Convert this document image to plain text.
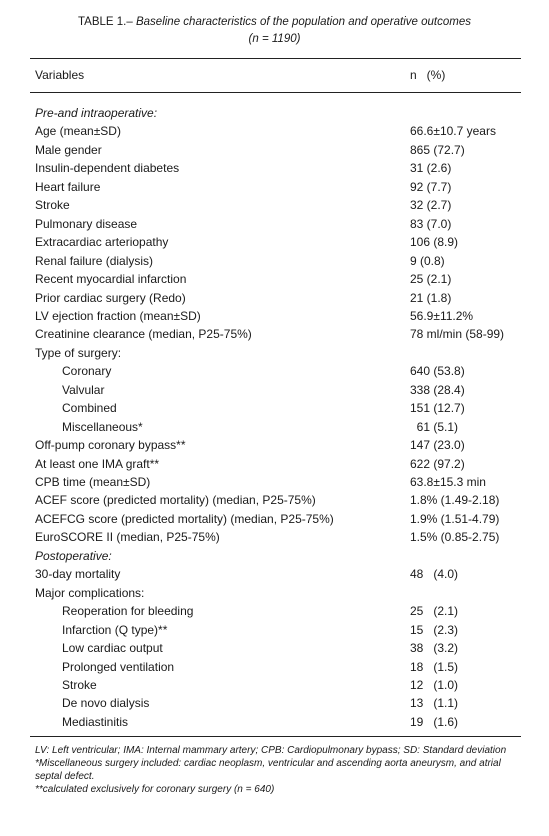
TABLE 1.– Baseline characteristics of the population and operative outcomes
(n = 1190)
Variables	n   (%)
Pre-and intraoperative:
Age (mean±SD)	66.6±10.7 years
Male gender	865 (72.7)
Insulin-dependent diabetes	31 (2.6)
Heart failure	92 (7.7)
Stroke	32 (2.7)
Pulmonary disease	83 (7.0)
Extracardiac arteriopathy	106 (8.9)
Renal failure (dialysis)	9 (0.8)
Recent myocardial infarction	25 (2.1)
Prior cardiac surgery (Redo)	21 (1.8)
LV ejection fraction (mean±SD)	56.9±11.2%
Creatinine clearance (median, P25-75%)	78 ml/min (58-99)
Type of surgery:
Coronary	640 (53.8)
Valvular	338 (28.4)
Combined	151 (12.7)
Miscellaneous*	61 (5.1)
Off-pump coronary bypass**	147 (23.0)
At least one IMA graft**	622 (97.2)
CPB time (mean±SD)	63.8±15.3 min
ACEF score (predicted mortality) (median, P25-75%)	1.8% (1.49-2.18)
ACEFCG score (predicted mortality) (median, P25-75%)	1.9% (1.51-4.79)
EuroSCORE II (median, P25-75%)	1.5% (0.85-2.75)
Postoperative:
30-day mortality	48   (4.0)
Major complications:
Reoperation for bleeding	25   (2.1)
Infarction (Q type)**	15   (2.3)
Low cardiac output	38   (3.2)
Prolonged ventilation	18   (1.5)
Stroke	12   (1.0)
De novo dialysis	13   (1.1)
Mediastinitis	19   (1.6)
LV: Left ventricular; IMA: Internal mammary artery; CPB: Cardiopulmonary bypass; SD: Standard deviation
*Miscellaneous surgery included: cardiac neoplasm, ventricular and ascending aorta aneurysm, and atrial septal defect.
**calculated exclusively for coronary surgery (n = 640)
